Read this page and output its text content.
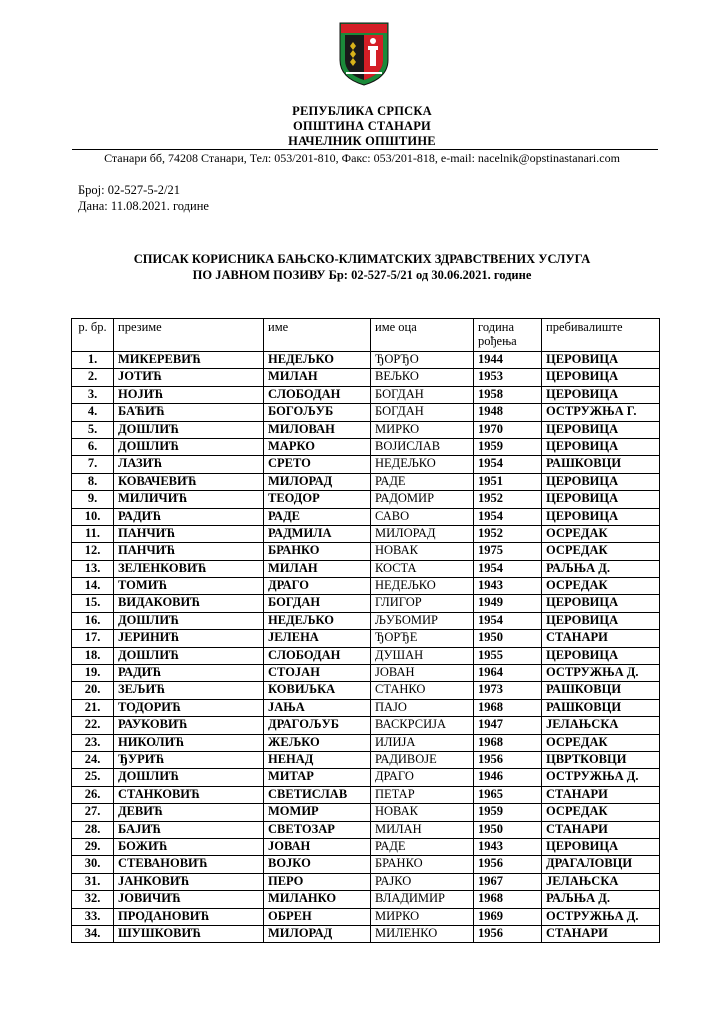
РЕПУБЛИКА СРПСКА
ОПШТИНА СТАНАРИ
НАЧЕЛНИК ОПШТИНЕ
Станари бб, 74208 Станари, Тел: 053/201-810, Факс: 053/201-818, e-mail: nacelnik@opstinastanari.com
Број: 02-527-5-2/21
Дана: 11.08.2021. године
СПИСАК КОРИСНИКА БАЊСКО-КЛИМАТСКИХ ЗДРАВСТВЕНИХ УСЛУГА
ПО ЈАВНОМ ПОЗИВУ Бр: 02-527-5/21 од 30.06.2021. године
р. бр.	презиме	име	име оца	година рођења	пребивалиште
1.	МИКЕРЕВИЋ	НЕДЕЉКО	ЂОРЂО	1944	ЦЕРОВИЦА
2.	ЈОТИЋ	МИЛАН	ВЕЉКО	1953	ЦЕРОВИЦА
3.	НОЈИЋ	СЛОБОДАН	БОГДАН	1958	ЦЕРОВИЦА
4.	БАЋИЋ	БОГОЉУБ	БОГДАН	1948	ОСТРУЖЊА Г.
5.	ДОШЛИЋ	МИЛОВАН	МИРКО	1970	ЦЕРОВИЦА
6.	ДОШЛИЋ	МАРКО	ВОЈИСЛАВ	1959	ЦЕРОВИЦА
7.	ЛАЗИЋ	СРЕТО	НЕДЕЉКО	1954	РАШКОВЦИ
8.	КОВАЧЕВИЋ	МИЛОРАД	РАДЕ	1951	ЦЕРОВИЦА
9.	МИЛИЧИЋ	ТЕОДОР	РАДОМИР	1952	ЦЕРОВИЦА
10.	РАДИЋ	РАДЕ	САВО	1954	ЦЕРОВИЦА
11.	ПАНЧИЋ	РАДМИЛА	МИЛОРАД	1952	ОСРЕДАК
12.	ПАНЧИЋ	БРАНКО	НОВАК	1975	ОСРЕДАК
13.	ЗЕЛЕНКОВИЋ	МИЛАН	КОСТА	1954	РАЉЊА Д.
14.	ТОМИЋ	ДРАГО	НЕДЕЉКО	1943	ОСРЕДАК
15.	ВИДАКОВИЋ	БОГДАН	ГЛИГОР	1949	ЦЕРОВИЦА
16.	ДОШЛИЋ	НЕДЕЉКО	ЉУБОМИР	1954	ЦЕРОВИЦА
17.	ЈЕРИНИЋ	ЈЕЛЕНА	ЂОРЂЕ	1950	СТАНАРИ
18.	ДОШЛИЋ	СЛОБОДАН	ДУШАН	1955	ЦЕРОВИЦА
19.	РАДИЋ	СТОЈАН	ЈОВАН	1964	ОСТРУЖЊА Д.
20.	ЗЕЉИЋ	КОВИЉКА	СТАНКО	1973	РАШКОВЦИ
21.	ТОДОРИЋ	ЈАЊА	ПАЈО	1968	РАШКОВЦИ
22.	РАУКОВИЋ	ДРАГОЉУБ	ВАСКРСИЈА	1947	ЈЕЛАЊСКА
23.	НИКОЛИЋ	ЖЕЉКО	ИЛИЈА	1968	ОСРЕДАК
24.	ЂУРИЋ	НЕНАД	РАДИВОЈЕ	1956	ЦВРТКОВЦИ
25.	ДОШЛИЋ	МИТАР	ДРАГО	1946	ОСТРУЖЊА Д.
26.	СТАНКОВИЋ	СВЕТИСЛАВ	ПЕТАР	1965	СТАНАРИ
27.	ДЕВИЋ	МОМИР	НОВАК	1959	ОСРЕДАК
28.	БАЈИЋ	СВЕТОЗАР	МИЛАН	1950	СТАНАРИ
29.	БОЖИЋ	ЈОВАН	РАДЕ	1943	ЦЕРОВИЦА
30.	СТЕВАНОВИЋ	ВОЈКО	БРАНКО	1956	ДРАГАЛОВЦИ
31.	ЈАНКОВИЋ	ПЕРО	РАЈКО	1967	ЈЕЛАЊСКА
32.	ЈОВИЧИЋ	МИЛАНКО	ВЛАДИМИР	1968	РАЉЊА Д.
33.	ПРОДАНОВИЋ	ОБРЕН	МИРКО	1969	ОСТРУЖЊА Д.
34.	ШУШКОВИЋ	МИЛОРАД	МИЛЕНКО	1956	СТАНАРИ
